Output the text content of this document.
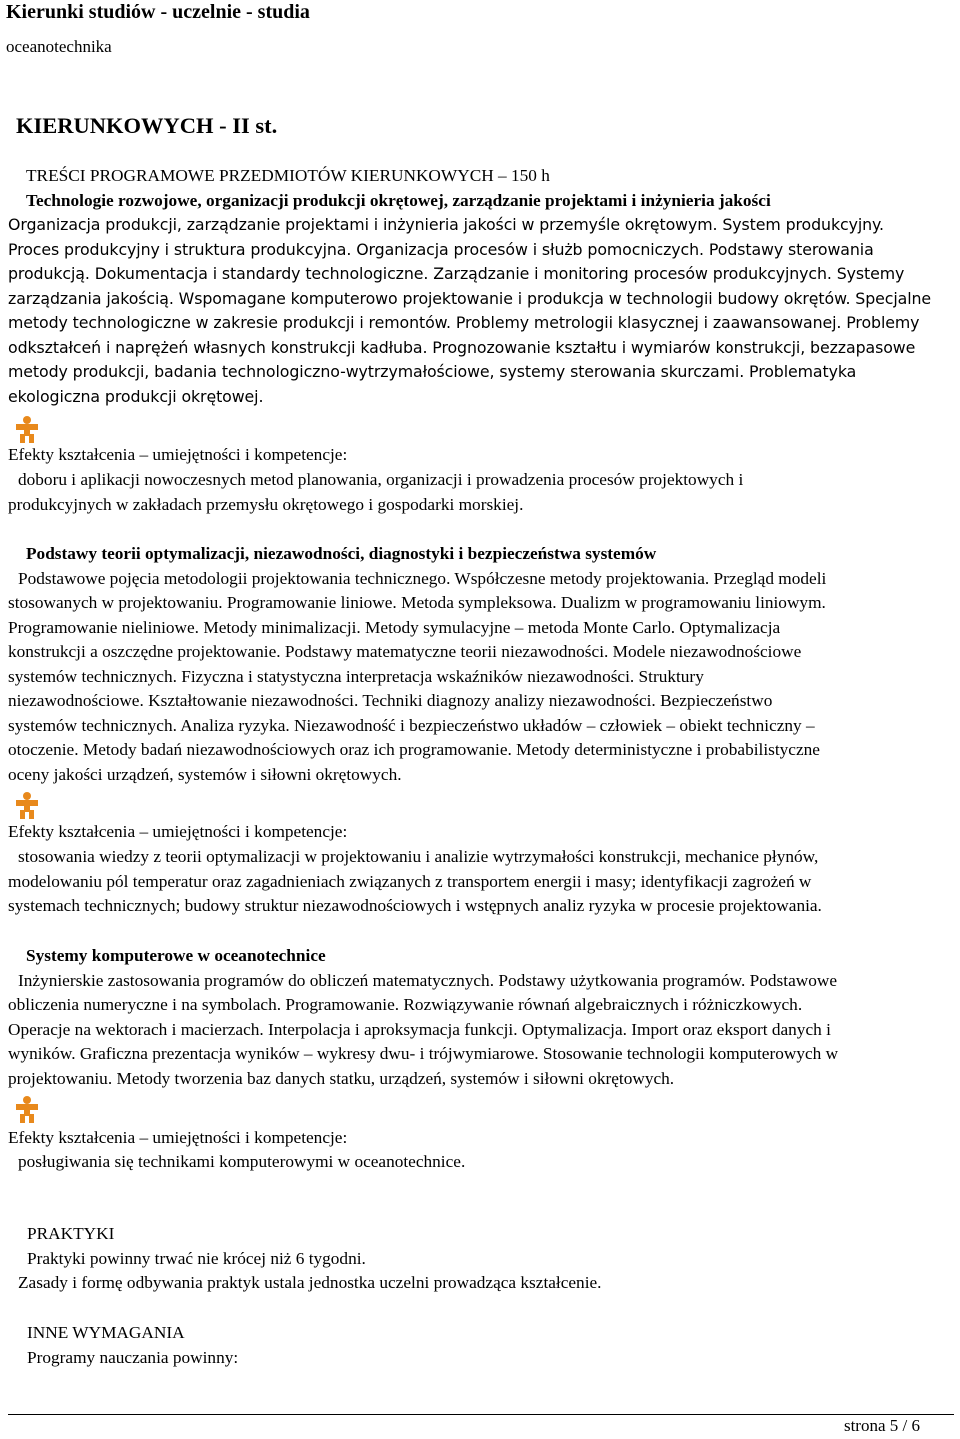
Kierunki studiów - uczelnie - studia
oceanotechnika
KIERUNKOWYCH - II st.
TREŚCI PROGRAMOWE PRZEDMIOTÓW KIERUNKOWYCH – 150 h
Technologie rozwojowe, organizacji produkcji okrętowej, zarządzanie projektami i inżynieria jakości
Organizacja produkcji, zarządzanie projektami i inżynieria jakości w przemyśle okrętowym. System produkcyjny.
Proces produkcyjny i struktura produkcyjna. Organizacja procesów i służb pomocniczych. Podstawy sterowania
produkcją. Dokumentacja i standardy technologiczne. Zarządzanie i monitoring procesów produkcyjnych. Systemy
zarządzania jakością. Wspomagane komputerowo projektowanie i produkcja w technologii budowy okrętów. Specjalne
metody technologiczne w zakresie produkcji i remontów. Problemy metrologii klasycznej i zaawansowanej. Problemy
odkształceń i naprężeń własnych konstrukcji kadłuba. Prognozowanie kształtu i wymiarów konstrukcji, bezzapasowe
metody produkcji, badania technologiczno-wytrzymałościowe, systemy sterowania skurczami. Problematyka
ekologiczna produkcji okrętowej.
Efekty kształcenia – umiejętności i kompetencje:
doboru i aplikacji nowoczesnych metod planowania, organizacji i prowadzenia procesów projektowych i
produkcyjnych w zakładach przemysłu okrętowego i gospodarki morskiej.
Podstawy teorii optymalizacji, niezawodności, diagnostyki i bezpieczeństwa systemów
Podstawowe pojęcia metodologii projektowania technicznego. Współczesne metody projektowania. Przegląd modeli
stosowanych w projektowaniu. Programowanie liniowe. Metoda sympleksowa. Dualizm w programowaniu liniowym.
Programowanie nieliniowe. Metody minimalizacji. Metody symulacyjne – metoda Monte Carlo. Optymalizacja
konstrukcji a oszczędne projektowanie. Podstawy matematyczne teorii niezawodności. Modele niezawodnościowe
systemów technicznych. Fizyczna i statystyczna interpretacja wskaźników niezawodności. Struktury
niezawodnościowe. Kształtowanie niezawodności. Techniki diagnozy analizy niezawodności. Bezpieczeństwo
systemów technicznych. Analiza ryzyka. Niezawodność i bezpieczeństwo układów – człowiek – obiekt techniczny –
otoczenie. Metody badań niezawodnościowych oraz ich programowanie. Metody deterministyczne i probabilistyczne
oceny jakości urządzeń, systemów i siłowni okrętowych.
Efekty kształcenia – umiejętności i kompetencje:
stosowania wiedzy z teorii optymalizacji w projektowaniu i analizie wytrzymałości konstrukcji, mechanice płynów,
modelowaniu pól temperatur oraz zagadnieniach związanych z transportem energii i masy; identyfikacji zagrożeń w
systemach technicznych; budowy struktur niezawodnościowych i wstępnych analiz ryzyka w procesie projektowania.
Systemy komputerowe w oceanotechnice
Inżynierskie zastosowania programów do obliczeń matematycznych. Podstawy użytkowania programów. Podstawowe
obliczenia numeryczne i na symbolach. Programowanie. Rozwiązywanie równań algebraicznych i różniczkowych.
Operacje na wektorach i macierzach. Interpolacja i aproksymacja funkcji. Optymalizacja. Import oraz eksport danych i
wyników. Graficzna prezentacja wyników – wykresy dwu- i trójwymiarowe. Stosowanie technologii komputerowych w
projektowaniu. Metody tworzenia baz danych statku, urządzeń, systemów i siłowni okrętowych.
Efekty kształcenia – umiejętności i kompetencje:
posługiwania się technikami komputerowymi w oceanotechnice.
PRAKTYKI
Praktyki powinny trwać nie krócej niż 6 tygodni.
Zasady i formę odbywania praktyk ustala jednostka uczelni prowadząca kształcenie.
INNE WYMAGANIA
Programy nauczania powinny:
strona 5 / 6
